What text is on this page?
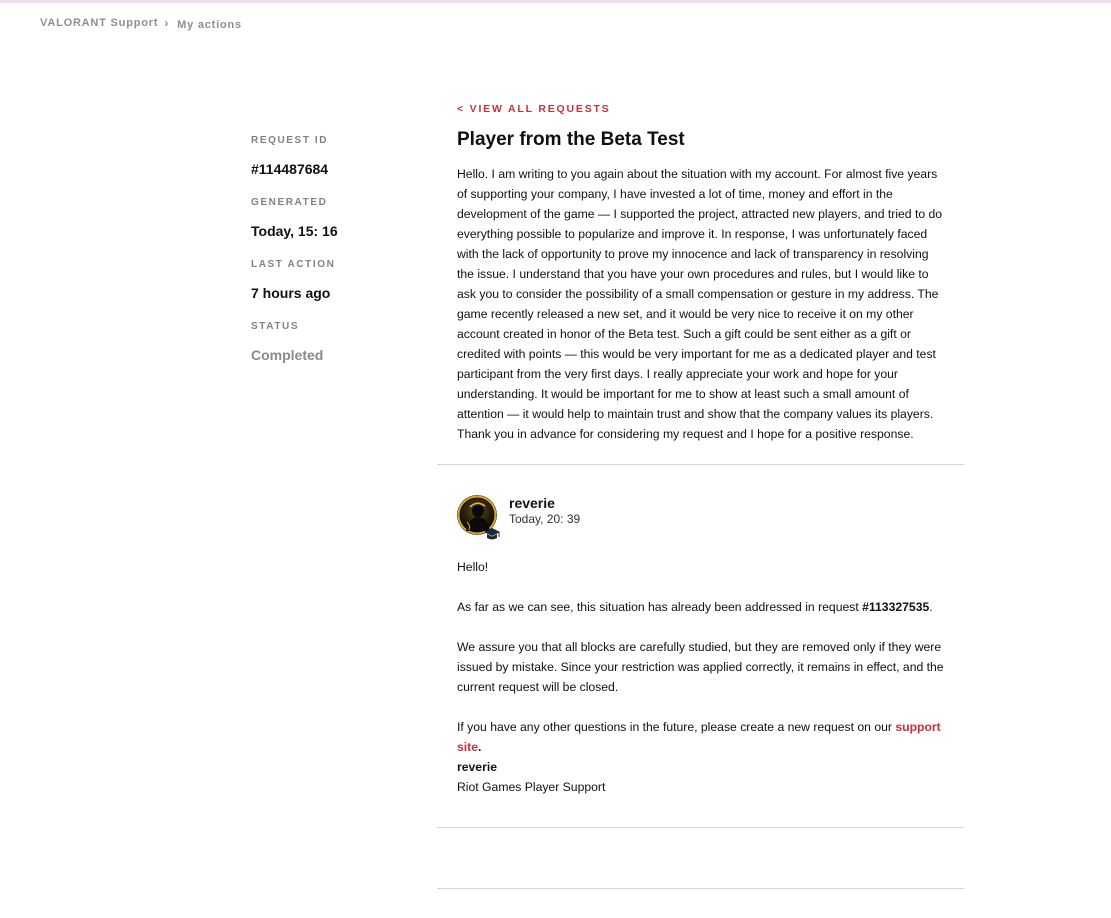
VALORANT Support › My actions
REQUEST ID
#114487684
GENERATED
Today, 15: 16
LAST ACTION
7 hours ago
STATUS
Completed
< VIEW ALL REQUESTS
Player from the Beta Test
Hello. I am writing to you again about the situation with my account. For almost five years of supporting your company, I have invested a lot of time, money and effort in the development of the game — I supported the project, attracted new players, and tried to do everything possible to popularize and improve it. In response, I was unfortunately faced with the lack of opportunity to prove my innocence and lack of transparency in resolving the issue. I understand that you have your own procedures and rules, but I would like to ask you to consider the possibility of a small compensation or gesture in my address. The game recently released a new set, and it would be very nice to receive it on my other account created in honor of the Beta test. Such a gift could be sent either as a gift or credited with points — this would be very important for me as a dedicated player and test participant from the very first days. I really appreciate your work and hope for your understanding. It would be important for me to show at least such a small amount of attention — it would help to maintain trust and show that the company values its players. Thank you in advance for considering my request and I hope for a positive response.
reverie
Today, 20: 39

Hello!

As far as we can see, this situation has already been addressed in request #113327535.

We assure you that all blocks are carefully studied, but they are removed only if they were issued by mistake. Since your restriction was applied correctly, it remains in effect, and the current request will be closed.

If you have any other questions in the future, please create a new request on our support site.

reverie

Riot Games Player Support
